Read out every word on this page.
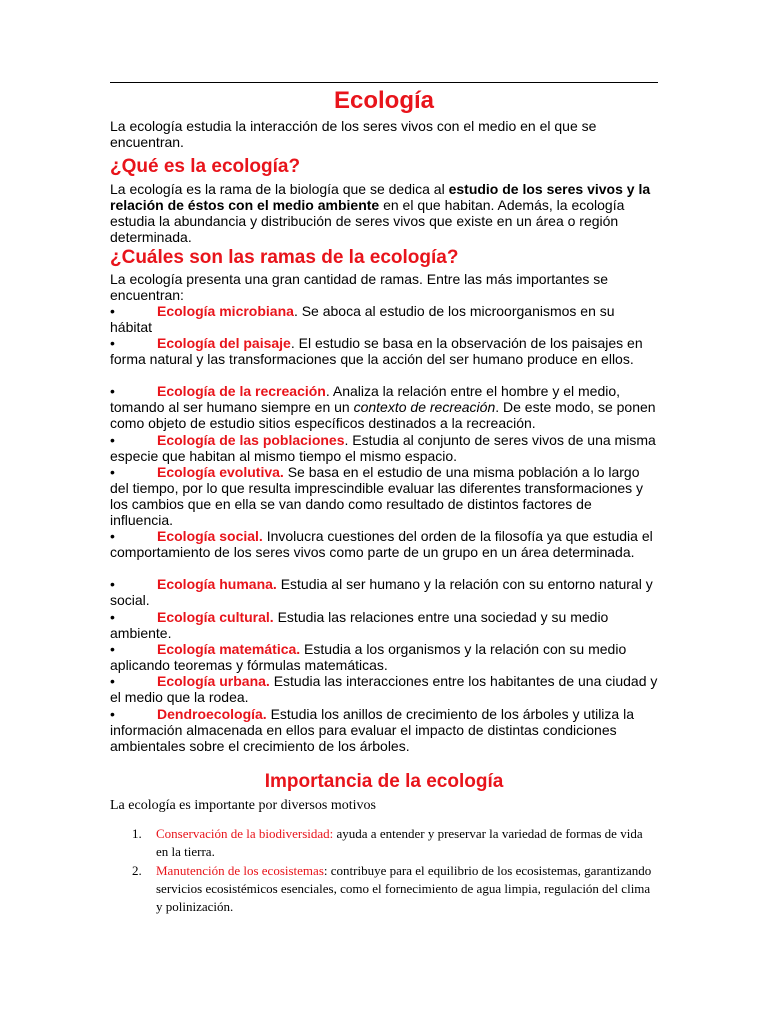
Ecología

La ecología estudia la interacción de los seres vivos con el medio en el que se encuentran.

¿Qué es la ecología?

La ecología es la rama de la biología que se dedica al estudio de los seres vivos y la relación de éstos con el medio ambiente en el que habitan. Además, la ecología estudia la abundancia y distribución de seres vivos que existe en un área o región determinada.

¿Cuáles son las ramas de la ecología?

La ecología presenta una gran cantidad de ramas. Entre las más importantes se encuentran:

•	Ecología microbiana. Se aboca al estudio de los microorganismos en su hábitat

•	Ecología del paisaje. El estudio se basa en la observación de los paisajes en forma natural y las transformaciones que la acción del ser humano produce en ellos.

•	Ecología de la recreación. Analiza la relación entre el hombre y el medio, tomando al ser humano siempre en un contexto de recreación. De este modo, se ponen como objeto de estudio sitios específicos destinados a la recreación.

•	Ecología de las poblaciones. Estudia al conjunto de seres vivos de una misma especie que habitan al mismo tiempo el mismo espacio.

•	Ecología evolutiva. Se basa en el estudio de una misma población a lo largo del tiempo, por lo que resulta imprescindible evaluar las diferentes transformaciones y los cambios que en ella se van dando como resultado de distintos factores de influencia.

•	Ecología social. Involucra cuestiones del orden de la filosofía ya que estudia el comportamiento de los seres vivos como parte de un grupo en un área determinada.

•	Ecología humana. Estudia al ser humano y la relación con su entorno natural y social.

•	Ecología cultural. Estudia las relaciones entre una sociedad y su medio ambiente.

•	Ecología matemática. Estudia a los organismos y la relación con su medio aplicando teoremas y fórmulas matemáticas.

•	Ecología urbana. Estudia las interacciones entre los habitantes de una ciudad y el medio que la rodea.

•	Dendroecología. Estudia los anillos de crecimiento de los árboles y utiliza la información almacenada en ellos para evaluar el impacto de distintas condiciones ambientales sobre el crecimiento de los árboles.

Importancia de la ecología

La ecología es importante por diversos motivos

1.	Conservación de la biodiversidad: ayuda a entender y preservar la variedad de formas de vida en la tierra.

2.	Manutención de los ecosistemas: contribuye para el equilibrio de los ecosistemas, garantizando servicios ecosistémicos esenciales, como el fornecimiento de agua limpia, regulación del clima y polinización.
